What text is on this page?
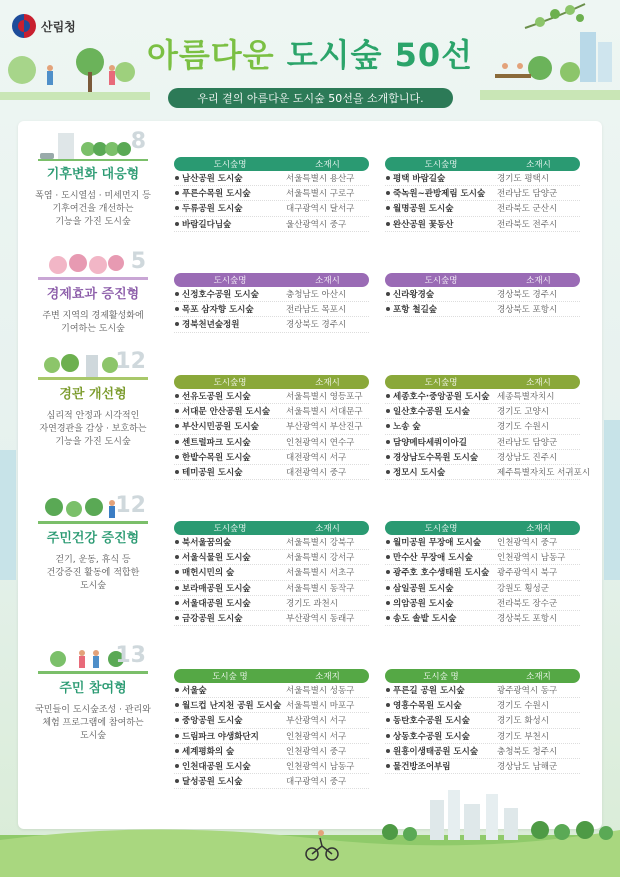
산림청
아름다운 도시숲 50선
우리 곁의 아름다운 도시숲 50선을 소개합니다.
8
기후변화 대응형
폭염 · 도시열섬 · 미세먼지 등
기후여건을 개선하는
기능을 가진 도시숲
도시숲명	소재시
남산공원 도시숲	서울특별시 용산구
푸른수목원 도시숲	서울특별시 구로구
두류공원 도시숲	대구광역시 달서구
바람길다님숲	울산광역시 중구
도시숲명	소재시
평택 바람길숲	경기도 평택시
죽녹원~관방제림 도시숲	전라남도 담양군
월명공원 도시숲	전라북도 군산시
완산공원 꽃동산	전라북도 전주시
5
경제효과 증진형
주변 지역의 경제활성화에
기여하는 도시숲
도시숲명	소재시
신정호수공원 도시숲	충청남도 아산시
목포 삼자향 도시숲	전라남도 목포시
경북천년숲정원	경상북도 경주시
도시숲명	소재시
신라왕경숲	경상북도 경주시
포항 철길숲	경상북도 포항시
12
경관 개선형
심리적 안정과 시각적인
자연경관을 감상 · 보호하는
기능을 가진 도시숲
도시숲명	소재시
선유도공원 도시숲	서울특별시 영등포구
서대문 안산공원 도시숲	서울특별시 서대문구
부산시민공원 도시숲	부산광역시 부산진구
센트럴파크 도시숲	인천광역시 연수구
한밭수목원 도시숲	대전광역시 서구
테미공원 도시숲	대전광역시 중구
도시숲명	소재시
세종호수·중앙공원 도시숲 세종특별자치시
일산호수공원 도시숲	경기도 고양시
노송 숲	경기도 수원시
담양메타세쿼이아길	전라남도 담양군
경상남도수목원 도시숲	경상남도 진주시
정모시 도시숲	제주특별자치도 서귀포시
12
주민건강 증진형
걷기, 운동, 휴식 등
건강증진 활동에 적합한
도시숲
도시숲명	소재시
북서울꿈의숲	서울특별시 강북구
서울식물원 도시숲	서울특별시 강서구
매헌시민의 숲	서울특별시 서초구
보라매공원 도시숲	서울특별시 동작구
서울대공원 도시숲	경기도 과천시
금강공원 도시숲	부산광역시 동래구
도시숲명	소재지
월미공원 무장애 도시숲	인천광역시 중구
만수산 무장애 도시숲	인천광역시 남동구
광주호 호수생태원 도시숲 광주광역시 북구
삼일공원 도시숲	강원도 횡성군
의암공원 도시숲	전라북도 장수군
송도 솔밭 도시숲	경상북도 포항시
13
주민 참여형
국민들이 도시숲조성 · 관리와
체험 프로그램에 참여하는
도시숲
도시숲 명	소재지
서울숲	서울특별시 성동구
월드컵 난지천 공원 도시숲 서울특별시 마포구
중앙공원 도시숲	부산광역시 서구
드림파크 야생화단지	인천광역시 서구
세계평화의 숲	인천광역시 중구
인천대공원 도시숲	인천광역시 남동구
달성공원 도시숲	대구광역시 중구
도시숲 명	소재지
푸른길 공원 도시숲	광주광역시 동구
영흥수목원 도시숲	경기도 수원시
동탄호수공원 도시숲	경기도 화성시
상동호수공원 도시숲	경기도 부천시
원흥이생태공원 도시숲	충청북도 청주시
물건방조어부림	경상남도 남해군
